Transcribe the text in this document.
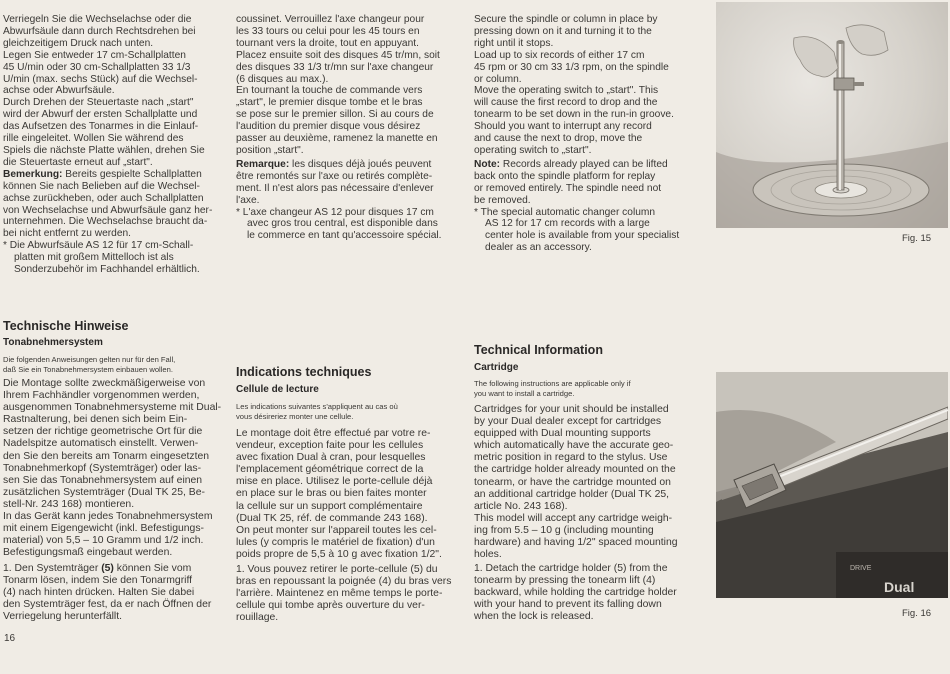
Verriegeln Sie die Wechselachse oder die

Abwurfsäule dann durch Rechtsdrehen bei

gleichzeitigem Druck nach unten.

Legen Sie entweder 17 cm-Schallplatten

45 U/min oder 30 cm-Schallplatten 33 1/3

U/min (max. sechs Stück) auf die Wechsel-

achse oder Abwurfsäule.

Durch Drehen der Steuertaste nach „start"

wird der Abwurf der ersten Schallplatte und

das Aufsetzen des Tonarmes in die Einlauf-

rille eingeleitet. Wollen Sie während des

Spiels die nächste Platte wählen, drehen Sie

die Steuertaste erneut auf „start".

Bemerkung: Bereits gespielte Schallplatten

können Sie nach Belieben auf die Wechsel-

achse zurückheben, oder auch Schallplatten

von Wechselachse und Abwurfsäule ganz her-

unternehmen. Die Wechselachse braucht da-

bei nicht entfernt zu werden.

* Die Abwurfsäule AS 12 für 17 cm-Schall-

platten mit großem Mittelloch ist als

Sonderzubehör im Fachhandel erhältlich.

coussinet. Verrouillez l'axe changeur pour

les 33 tours ou celui pour les 45 tours en

tournant vers la droite, tout en appuyant.

Placez ensuite soit des disques 45 tr/mn, soit

des disques 33 1/3 tr/mn sur l'axe changeur

(6 disques au max.).

En tournant la touche de commande vers

„start", le premier disque tombe et le bras

se pose sur le premier sillon. Si au cours de

l'audition du premier disque vous désirez

passer au deuxième, ramenez la manette en

position „start".

Remarque: les disques déjà joués peuvent

être remontés sur l'axe ou retirés complète-

ment. Il n'est alors pas nécessaire d'enlever

l'axe.

* L'axe changeur AS 12 pour disques 17 cm

avec gros trou central, est disponible dans

le commerce en tant qu'accessoire spécial.

Secure the spindle or column in place by

pressing down on it and turning it to the

right until it stops.

Load up to six records of either 17 cm

45 rpm or 30 cm 33 1/3 rpm, on the spindle

or column.

Move the operating switch to „start". This

will cause the first record to drop and the

tonearm to be set down in the run-in groove.

Should you want to interrupt any record

and cause the next to drop, move the

operating switch to „start".

Note: Records already played can be lifted

back onto the spindle platform for replay

or removed entirely. The spindle need not

be removed.

* The special automatic changer column

AS 12 for 17 cm records with a large

center hole is available from your specialist

dealer as an accessory.

Fig. 15
Technische Hinweise
Tonabnehmersystem

Die folgenden Anweisungen gelten nur für den Fall,

daß Sie ein Tonabnehmersystem einbauen wollen.

Die Montage sollte zweckmäßigerweise von

Ihrem Fachhändler vorgenommen werden,

ausgenommen Tonabnehmersysteme mit Dual-

Rastnalterung, bei denen sich beim Ein-

setzen der richtige geometrische Ort für die

Nadelspitze automatisch einstellt. Verwen-

den Sie den bereits am Tonarm eingesetzten

Tonabnehmerkopf (Systemträger) oder las-

sen Sie das Tonabnehmersystem auf einen

zusätzlichen Systemträger (Dual TK 25, Be-

stell-Nr. 243 168) montieren.

In das Gerät kann jedes Tonabnehmersystem

mit einem Eigengewicht (inkl. Befestigungs-

material) von 5,5 – 10 Gramm und 1/2 inch.

Befestigungsmaß eingebaut werden.

1. Den Systemträger (5) können Sie vom

Tonarm lösen, indem Sie den Tonarmgriff

(4) nach hinten drücken. Halten Sie dabei

den Systemträger fest, da er nach Öffnen der

Verriegelung herunterfällt.

16
Indications techniques
Cellule de lecture

Les indications suivantes s'appliquent au cas où

vous désireriez monter une cellule.

Le montage doit être effectué par votre re-

vendeur, exception faite pour les cellules

avec fixation Dual à cran, pour lesquelles

l'emplacement géométrique correct de la

mise en place. Utilisez le porte-cellule déjà

en place sur le bras ou bien faites monter

la cellule sur un support complémentaire

(Dual TK 25, réf. de commande 243 168).

On peut monter sur l'appareil toutes les cel-

lules (y compris le matériel de fixation) d'un

poids propre de 5,5 à 10 g avec fixation 1/2".

1. Vous pouvez retirer le porte-cellule (5) du

bras en repoussant la poignée (4) du bras vers

l'arrière. Maintenez en même temps le porte-

cellule qui tombe après ouverture du ver-

rouillage.

Technical Information
Cartridge

The following instructions are applicable only if

you want to install a cartridge.

Cartridges for your unit should be installed

by your Dual dealer except for cartridges

equipped with Dual mounting supports

which automatically have the accurate geo-

metric position in regard to the stylus. Use

the cartridge holder already mounted on the

tonearm, or have the cartridge mounted on

an additional cartridge holder (Dual TK 25,

article No. 243 168).

This model will accept any cartridge weigh-

ing from 5.5 – 10 g (including mounting

hardware) and having 1/2" spaced mounting

holes.

1. Detach the cartridge holder (5) from the

tonearm by pressing the tonearm lift (4)

backward, while holding the cartridge holder

with your hand to prevent its falling down

when the lock is released.

DRIVE
Dual
Fig. 16
